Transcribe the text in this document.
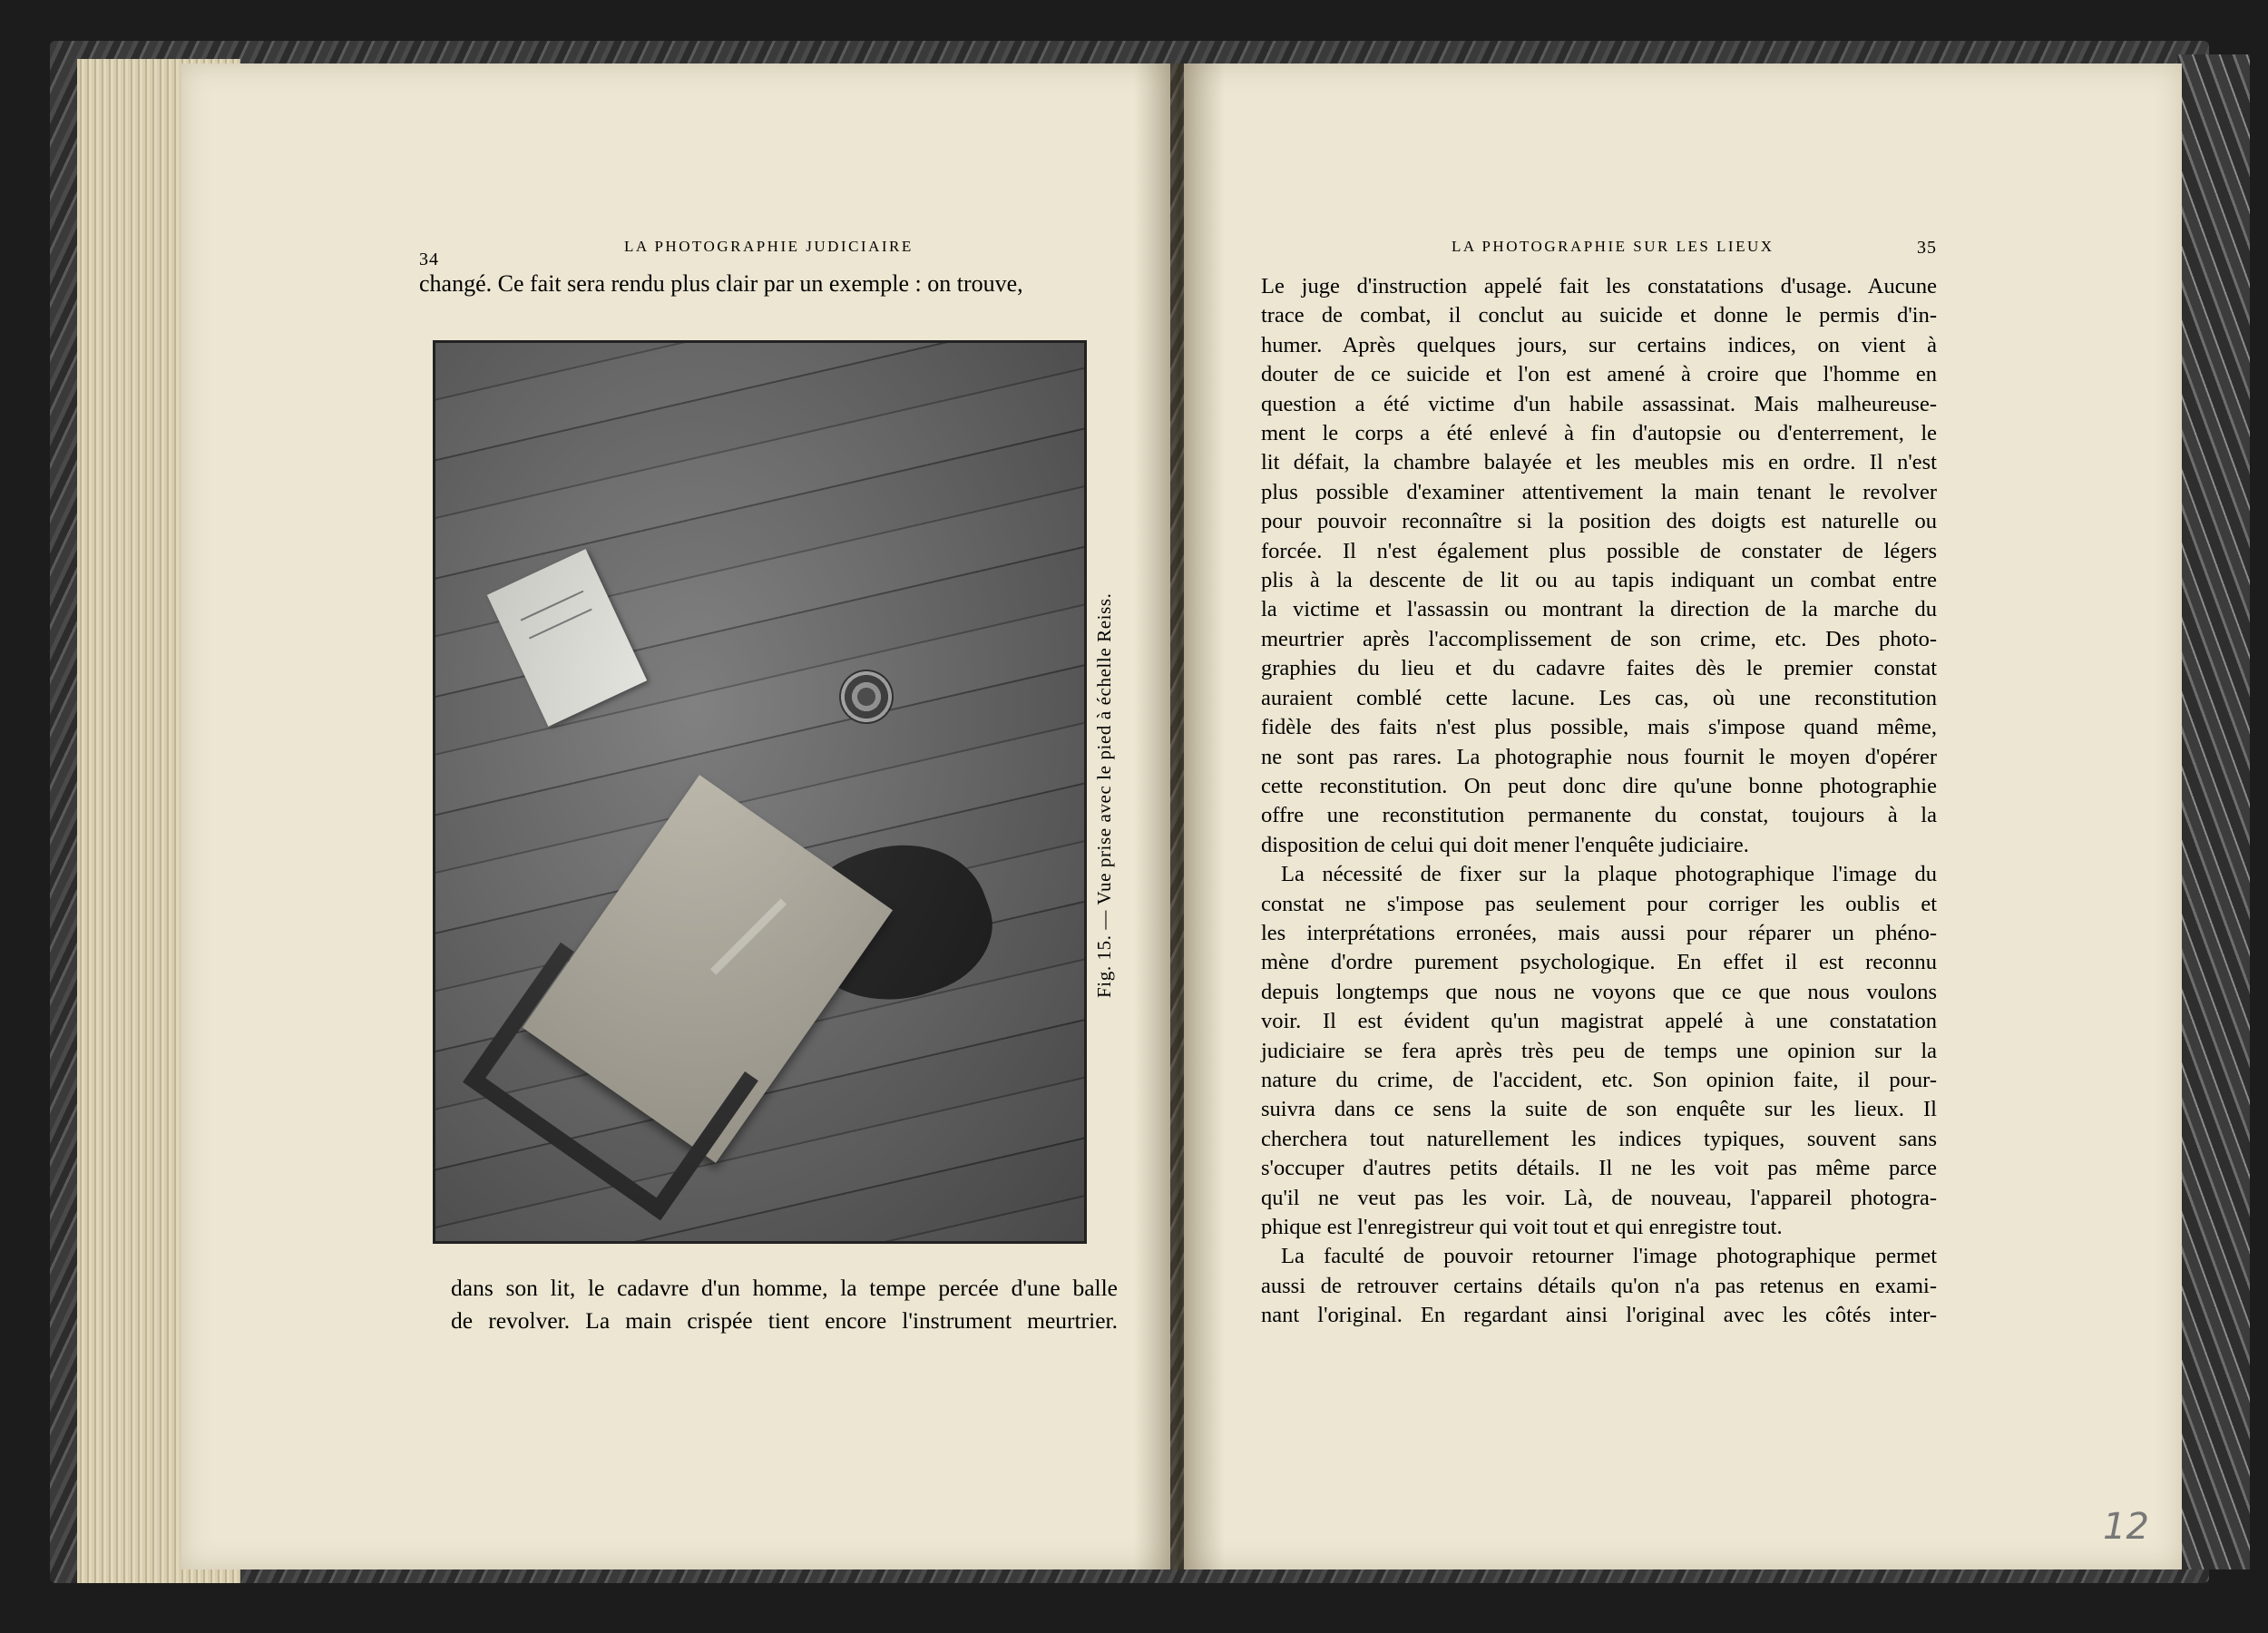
34
LA PHOTOGRAPHIE JUDICIAIRE
changé. Ce fait sera rendu plus clair par un exemple : on trouve,
Fig. 15. — Vue prise avec le pied à échelle Reiss.
dans son lit, le cadavre d'un homme, la tempe percée d'une balle
de revolver. La main crispée tient encore l'instrument meurtrier.
LA PHOTOGRAPHIE SUR LES LIEUX	35
Le juge d'instruction appelé fait les constatations d'usage. Aucune
trace de combat, il conclut au suicide et donne le permis d'in-
humer. Après quelques jours, sur certains indices, on vient à
douter de ce suicide et l'on est amené à croire que l'homme en
question a été victime d'un habile assassinat. Mais malheureuse-
ment le corps a été enlevé à fin d'autopsie ou d'enterrement, le
lit défait, la chambre balayée et les meubles mis en ordre. Il n'est
plus possible d'examiner attentivement la main tenant le revolver
pour pouvoir reconnaître si la position des doigts est naturelle ou
forcée. Il n'est également plus possible de constater de légers
plis à la descente de lit ou au tapis indiquant un combat entre
la victime et l'assassin ou montrant la direction de la marche du
meurtrier après l'accomplissement de son crime, etc. Des photo-
graphies du lieu et du cadavre faites dès le premier constat
auraient comblé cette lacune. Les cas, où une reconstitution
fidèle des faits n'est plus possible, mais s'impose quand même,
ne sont pas rares. La photographie nous fournit le moyen d'opérer
cette reconstitution. On peut donc dire qu'une bonne photographie
offre une reconstitution permanente du constat, toujours à la
disposition de celui qui doit mener l'enquête judiciaire.
La nécessité de fixer sur la plaque photographique l'image du
constat ne s'impose pas seulement pour corriger les oublis et
les interprétations erronées, mais aussi pour réparer un phéno-
mène d'ordre purement psychologique. En effet il est reconnu
depuis longtemps que nous ne voyons que ce que nous voulons
voir. Il est évident qu'un magistrat appelé à une constatation
judiciaire se fera après très peu de temps une opinion sur la
nature du crime, de l'accident, etc. Son opinion faite, il pour-
suivra dans ce sens la suite de son enquête sur les lieux. Il
cherchera tout naturellement les indices typiques, souvent sans
s'occuper d'autres petits détails. Il ne les voit pas même parce
qu'il ne veut pas les voir. Là, de nouveau, l'appareil photogra-
phique est l'enregistreur qui voit tout et qui enregistre tout.
La faculté de pouvoir retourner l'image photographique permet
aussi de retrouver certains détails qu'on n'a pas retenus en exami-
nant l'original. En regardant ainsi l'original avec les côtés inter-
12
